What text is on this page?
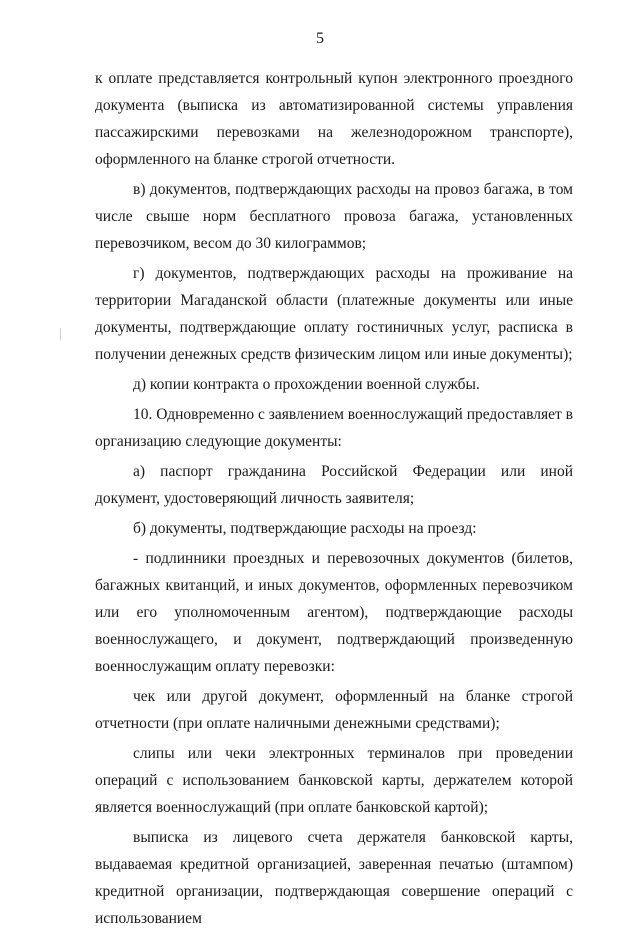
5

к оплате представляется контрольный купон электронного проездного документа (выписка из автоматизированной системы управления пассажирскими перевозками на железнодорожном транспорте), оформленного на бланке строгой отчетности.

в) документов, подтверждающих расходы на провоз багажа, в том числе свыше норм бесплатного провоза багажа, установленных перевозчиком, весом до 30 килограммов;

г) документов, подтверждающих расходы на проживание на территории Магаданской области (платежные документы или иные документы, подтверждающие оплату гостиничных услуг, расписка в получении денежных средств физическим лицом или иные документы);

д) копии контракта о прохождении военной службы.

10. Одновременно с заявлением военнослужащий предоставляет в организацию следующие документы:

а) паспорт гражданина Российской Федерации или иной документ, удостоверяющий личность заявителя;

б) документы, подтверждающие расходы на проезд:

- подлинники проездных и перевозочных документов (билетов, багажных квитанций, и иных документов, оформленных перевозчиком или его уполномоченным агентом), подтверждающие расходы военнослужащего, и документ, подтверждающий произведенную военнослужащим оплату перевозки:

чек или другой документ, оформленный на бланке строгой отчетности (при оплате наличными денежными средствами);

слипы или чеки электронных терминалов при проведении операций с использованием банковской карты, держателем которой является военнослужащий (при оплате банковской картой);

выписка из лицевого счета держателя банковской карты, выдаваемая кредитной организацией, заверенная печатью (штампом) кредитной организации, подтверждающая совершение операций с использованием
